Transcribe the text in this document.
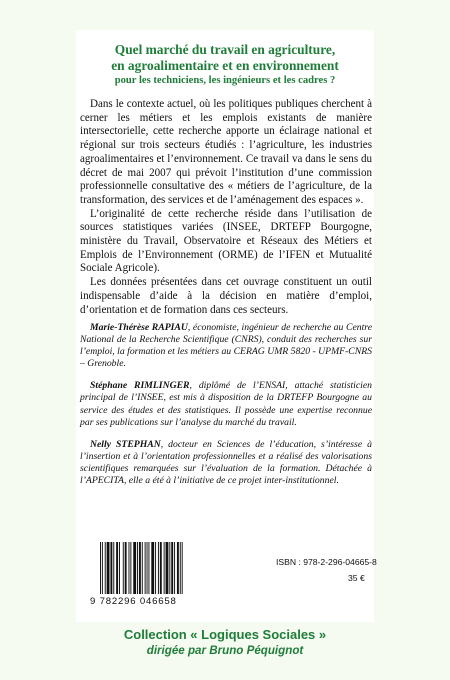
Quel marché du travail en agriculture,
en agroalimentaire et en environnement
pour les techniciens, les ingénieurs et les cadres ?

Dans le contexte actuel, où les politiques publiques cherchent à cerner les métiers et les emplois existants de manière intersectorielle, cette recherche apporte un éclairage national et régional sur trois secteurs étudiés : l’agriculture, les industries agroalimentaires et l’environnement. Ce travail va dans le sens du décret de mai 2007 qui prévoit l’institution d’une commission professionnelle consultative des « métiers de l’agriculture, de la transformation, des services et de l’aménagement des espaces ».

L’originalité de cette recherche réside dans l’utilisation de sources statistiques variées (INSEE, DRTEFP Bourgogne, ministère du Travail, Observatoire et Réseaux des Métiers et Emplois de l’Environnement (ORME) de l’IFEN et Mutualité Sociale Agricole).

Les données présentées dans cet ouvrage constituent un outil indispensable d’aide à la décision en matière d’emploi, d’orientation et de formation dans ces secteurs.

Marie-Thérèse RAPIAU, économiste, ingénieur de recherche au Centre National de la Recherche Scientifique (CNRS), conduit des recherches sur l’emploi, la formation et les métiers au CERAG UMR 5820 - UPMF-CNRS – Grenoble.

Stéphane RIMLINGER, diplômé de l’ENSAI, attaché statisticien principal de l’INSEE, est mis à disposition de la DRTEFP Bourgogne au service des études et des statistiques. Il possède une expertise reconnue par ses publications sur l’analyse du marché du travail.

Nelly STEPHAN, docteur en Sciences de l’éducation, s’intéresse à l’insertion et à l’orientation professionnelles et a réalisé des valorisations scientifiques remarquées sur l’évaluation de la formation. Détachée à l’APECITA, elle a été à l’initiative de ce projet inter-institutionnel.

9 782296 046658
ISBN : 978-2-296-04665-8
35 €
Collection « Logiques Sociales »
dirigée par Bruno Péquignot
